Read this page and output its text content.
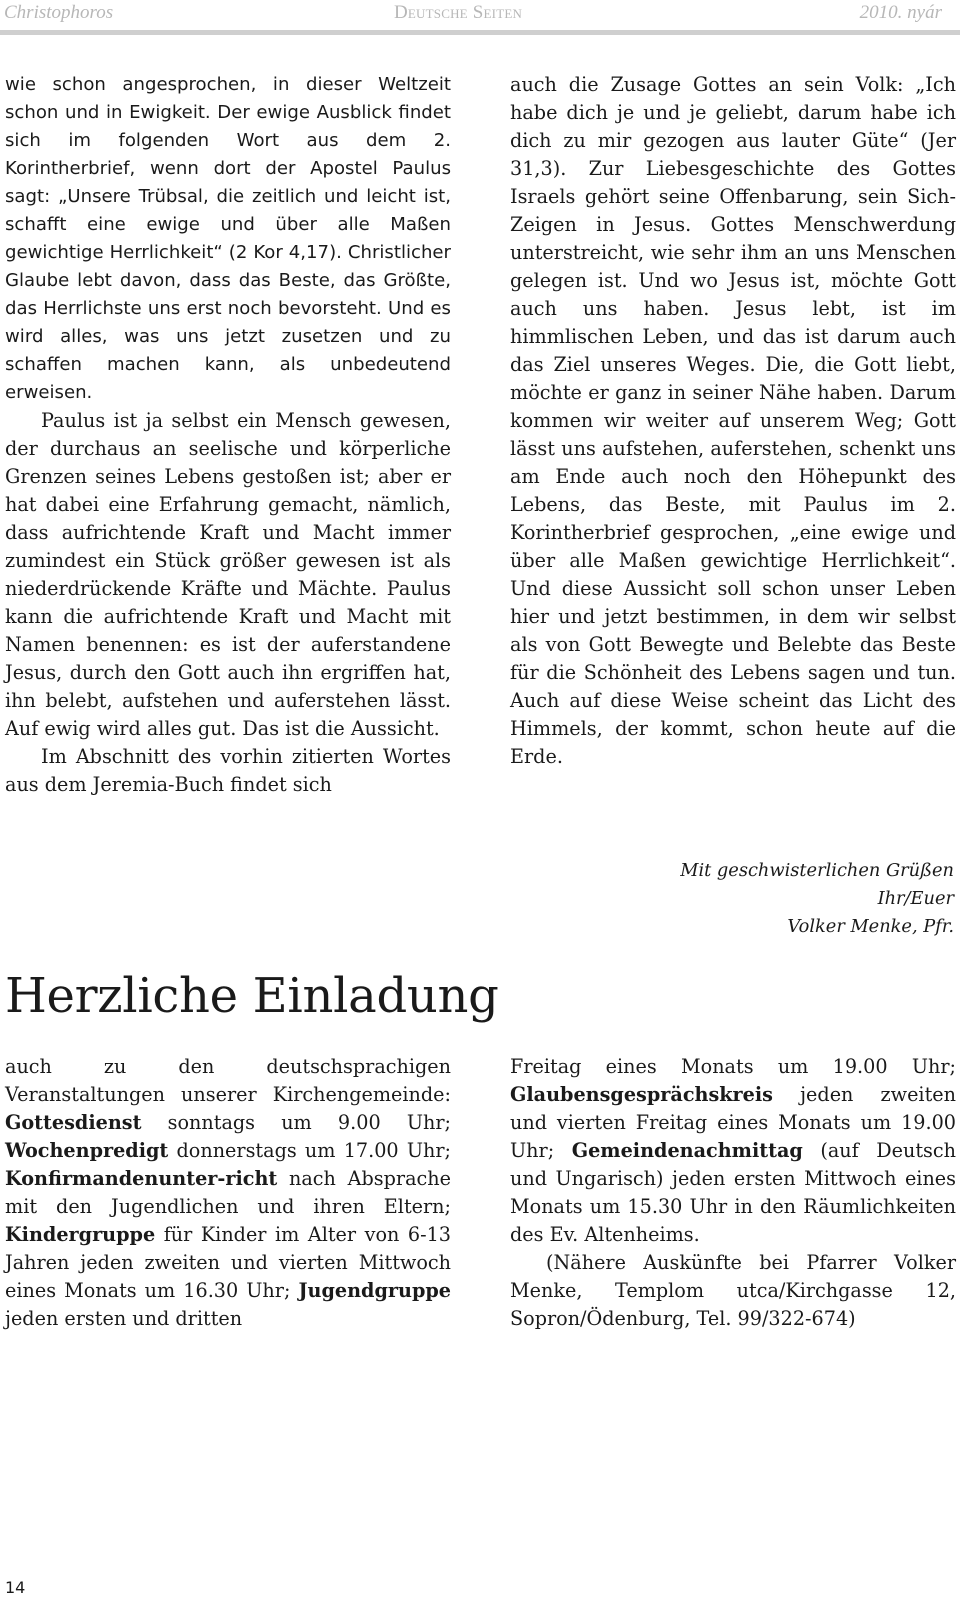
Christophoros	Deutsche Seiten	2010. nyár

wie schon angesprochen, in dieser Weltzeit schon und in Ewigkeit. Der ewige Ausblick findet sich im folgenden Wort aus dem 2. Korintherbrief, wenn dort der Apostel Paulus sagt: „Unsere Trübsal, die zeitlich und leicht ist, schafft eine ewige und über alle Maßen gewichtige Herrlichkeit“ (2 Kor 4,17). Christlicher Glaube lebt davon, dass das Beste, das Größte, das Herrlichste uns erst noch bevorsteht. Und es wird alles, was uns jetzt zusetzen und zu schaffen machen kann, als unbedeutend erweisen.

Paulus ist ja selbst ein Mensch gewesen, der durchaus an seelische und körperliche Grenzen seines Lebens gestoßen ist; aber er hat dabei eine Erfahrung gemacht, nämlich, dass aufrichtende Kraft und Macht immer zumindest ein Stück größer gewesen ist als niederdrückende Kräfte und Mächte. Paulus kann die aufrichtende Kraft und Macht mit Namen benennen: es ist der auferstandene Jesus, durch den Gott auch ihn ergriffen hat, ihn belebt, aufstehen und auferstehen lässt. Auf ewig wird alles gut. Das ist die Aussicht.

Im Abschnitt des vorhin zitierten Wortes aus dem Jeremia-Buch findet sich

auch die Zusage Gottes an sein Volk: „Ich habe dich je und je geliebt, darum habe ich dich zu mir gezogen aus lauter Güte“ (Jer 31,3). Zur Liebesgeschichte des Gottes Israels gehört seine Offenbarung, sein Sich-Zeigen in Jesus. Gottes Menschwerdung unterstreicht, wie sehr ihm an uns Menschen gelegen ist. Und wo Jesus ist, möchte Gott auch uns haben. Jesus lebt, ist im himmlischen Leben, und das ist darum auch das Ziel unseres Weges. Die, die Gott liebt, möchte er ganz in seiner Nähe haben. Darum kommen wir weiter auf unserem Weg; Gott lässt uns aufstehen, auferstehen, schenkt uns am Ende auch noch den Höhepunkt des Lebens, das Beste, mit Paulus im 2. Korintherbrief gesprochen, „eine ewige und über alle Maßen gewichtige Herrlichkeit“. Und diese Aussicht soll schon unser Leben hier und jetzt bestimmen, in dem wir selbst als von Gott Bewegte und Belebte das Beste für die Schönheit des Lebens sagen und tun. Auch auf diese Weise scheint das Licht des Himmels, der kommt, schon heute auf die Erde.

Mit geschwisterlichen Grüßen
Ihr/Euer
Volker Menke, Pfr.
Herzliche Einladung

auch zu den deutschsprachigen Veranstaltungen unserer Kirchengemeinde: Gottesdienst sonntags um 9.00 Uhr; Wochenpredigt donnerstags um 17.00 Uhr; Konfirmandenunter-richt nach Absprache mit den Jugendlichen und ihren Eltern; Kindergruppe für Kinder im Alter von 6-13 Jahren jeden zweiten und vierten Mittwoch eines Monats um 16.30 Uhr; Jugendgruppe jeden ersten und dritten

Freitag eines Monats um 19.00 Uhr; Glaubensgesprächskreis jeden zweiten und vierten Freitag eines Monats um 19.00 Uhr; Gemeindenachmittag (auf Deutsch und Ungarisch) jeden ersten Mittwoch eines Monats um 15.30 Uhr in den Räumlichkeiten des Ev. Altenheims.

(Nähere Auskünfte bei Pfarrer Volker Menke, Templom utca/Kirchgasse 12, Sopron/Ödenburg, Tel. 99/322-674)

14
